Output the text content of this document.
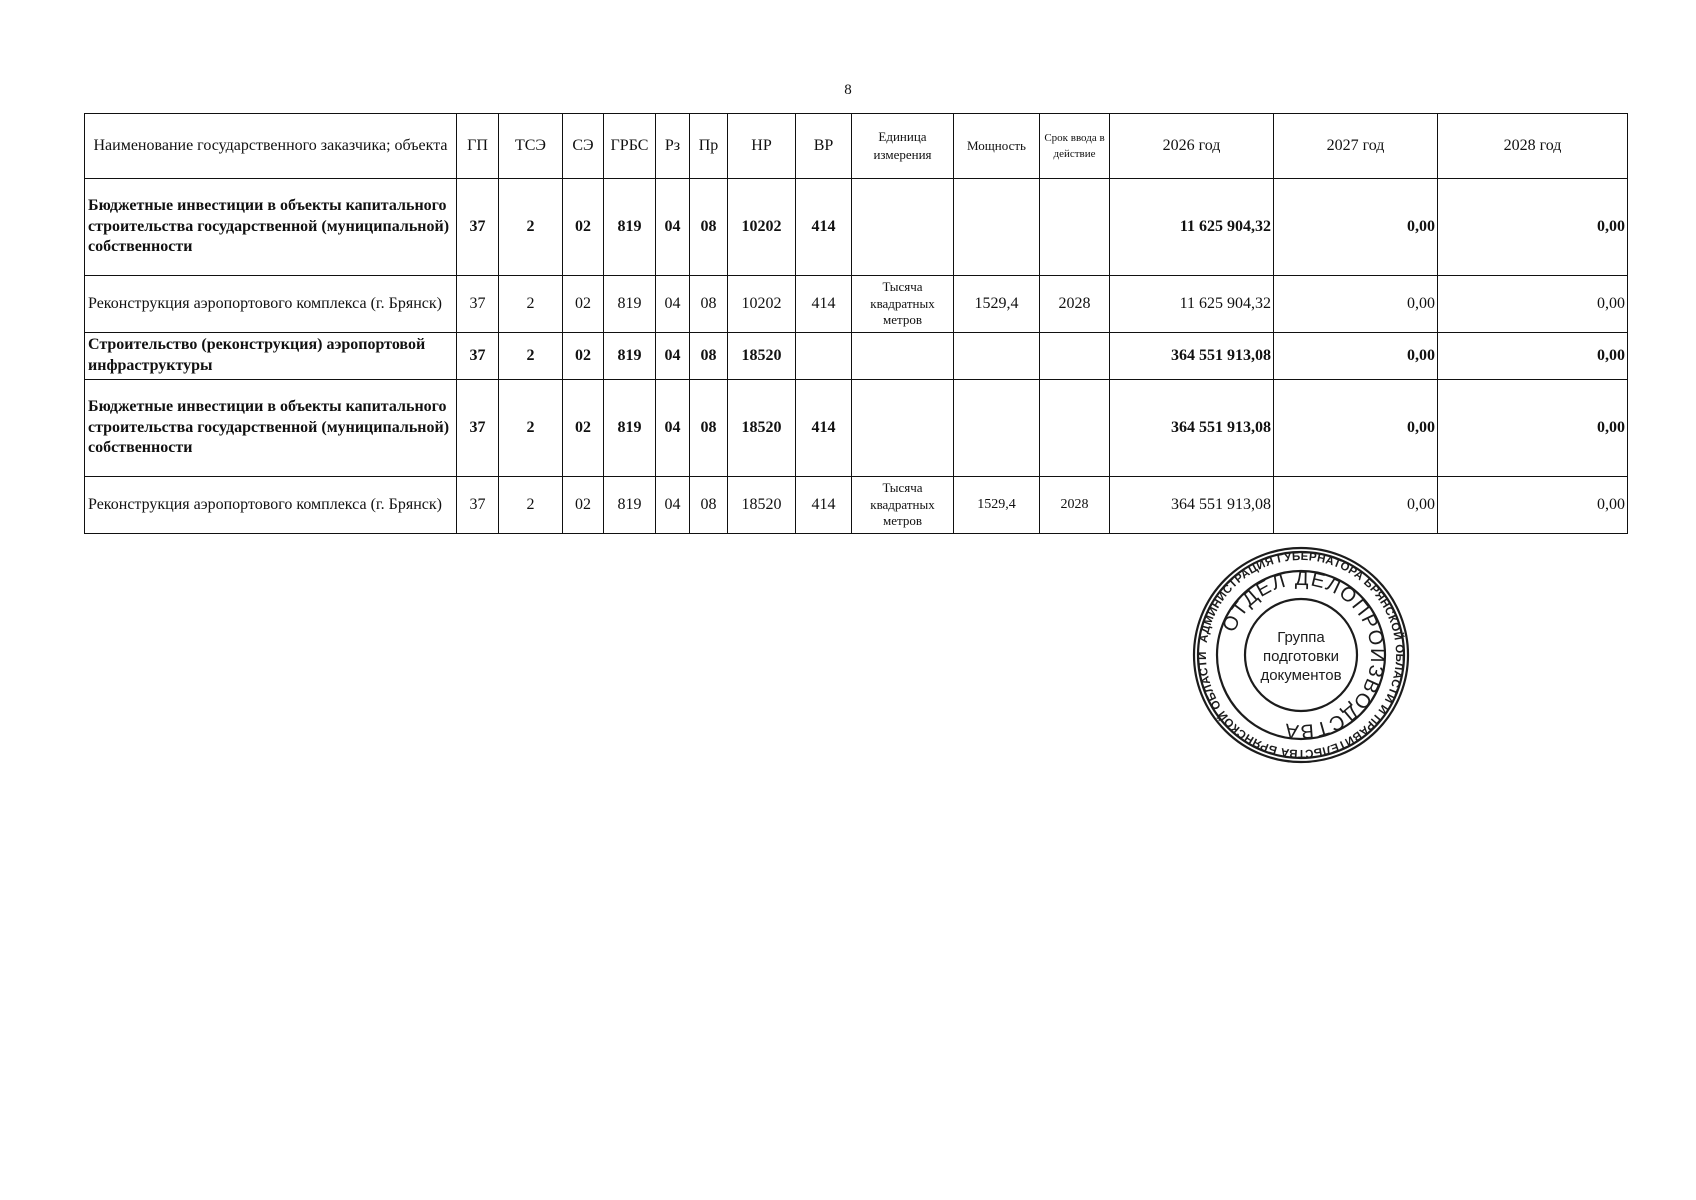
8
Наименование государственного заказчика; объекта	ГП	ТСЭ	СЭ	ГРБС	Рз	Пр	НР	ВР	Единица измерения	Мощность	Срок ввода в действие	2026 год	2027 год	2028 год
Бюджетные инвестиции в объекты капитального строительства государственной (муниципальной) собственности	37	2	02	819	04	08	10202	414				11 625 904,32	0,00	0,00
Реконструкция аэропортового комплекса (г. Брянск)	37	2	02	819	04	08	10202	414	Тысяча квадратных метров	1529,4	2028	11 625 904,32	0,00	0,00
Строительство (реконструкция) аэропортовой инфраструктуры	37	2	02	819	04	08	18520					364 551 913,08	0,00	0,00
Бюджетные инвестиции в объекты капитального строительства государственной (муниципальной) собственности	37	2	02	819	04	08	18520	414				364 551 913,08	0,00	0,00
Реконструкция аэропортового комплекса (г. Брянск)	37	2	02	819	04	08	18520	414	Тысяча квадратных метров	1529,4	2028	364 551 913,08	0,00	0,00
АДМИНИСТРАЦИЯ ГУБЕРНАТОРА БРЯНСКОЙ ОБЛАСТИ И ПРАВИТЕЛЬСТВА БРЯНСКОЙ ОБЛАСТИ
ОТДЕЛ ДЕЛОПРОИЗВОДСТВА
Группа
подготовки
документов
